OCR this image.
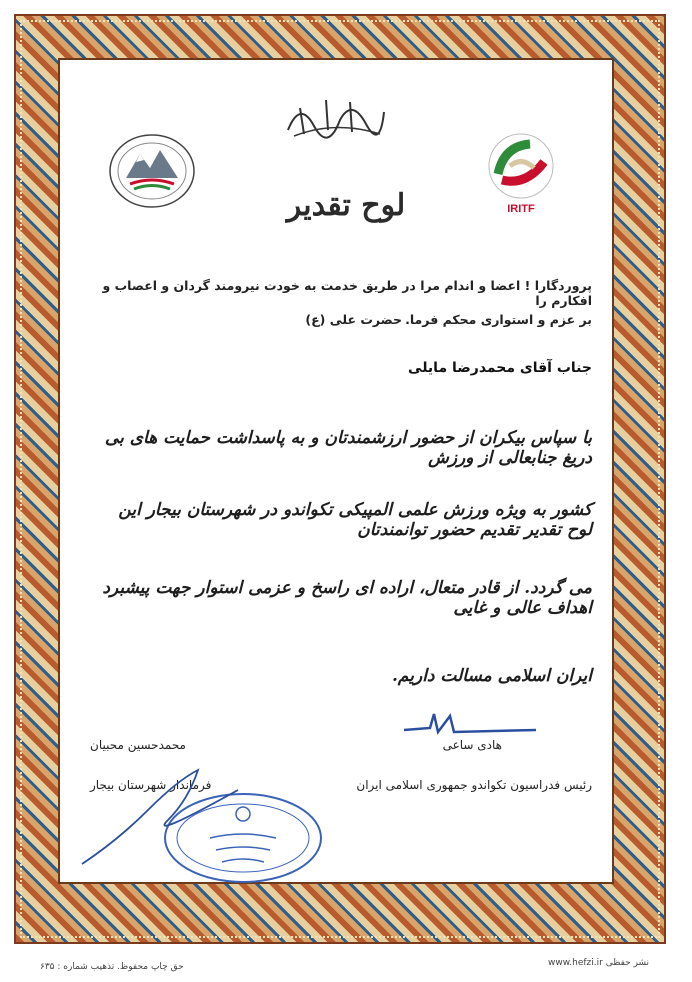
IRITF
لوح تقدیر
پروردگارا ! اعضا و اندام مرا در طریق خدمت به خودت نیرومند گردان و اعصاب و افکارم را
بر عزم و استواری محکم فرما.
حضرت علی (ع)
جناب آقای محمدرضا مایلی
با سپاس بیکران از حضور ارزشمندتان و به پاسداشت حمایت های بی دریغ جنابعالی از ورزش
کشور به ویژه ورزش علمی المپیکی تکواندو در شهرستان بیجار این لوح تقدیر تقدیم حضور توانمندتان
می گردد. از قادر متعال، اراده ای راسخ و عزمی استوار جهت پیشبرد اهداف عالی و غایی
ایران اسلامی مسالت داریم.
هادی ساعی
رئیس فدراسیون تکواندو جمهوری اسلامی ایران
محمدحسین محبیان
فرماندار شهرستان بیجار
www.hefzi.ir نشر حفظی
حق چاپ محفوظ. تذهیب شماره : ۶۳۵
